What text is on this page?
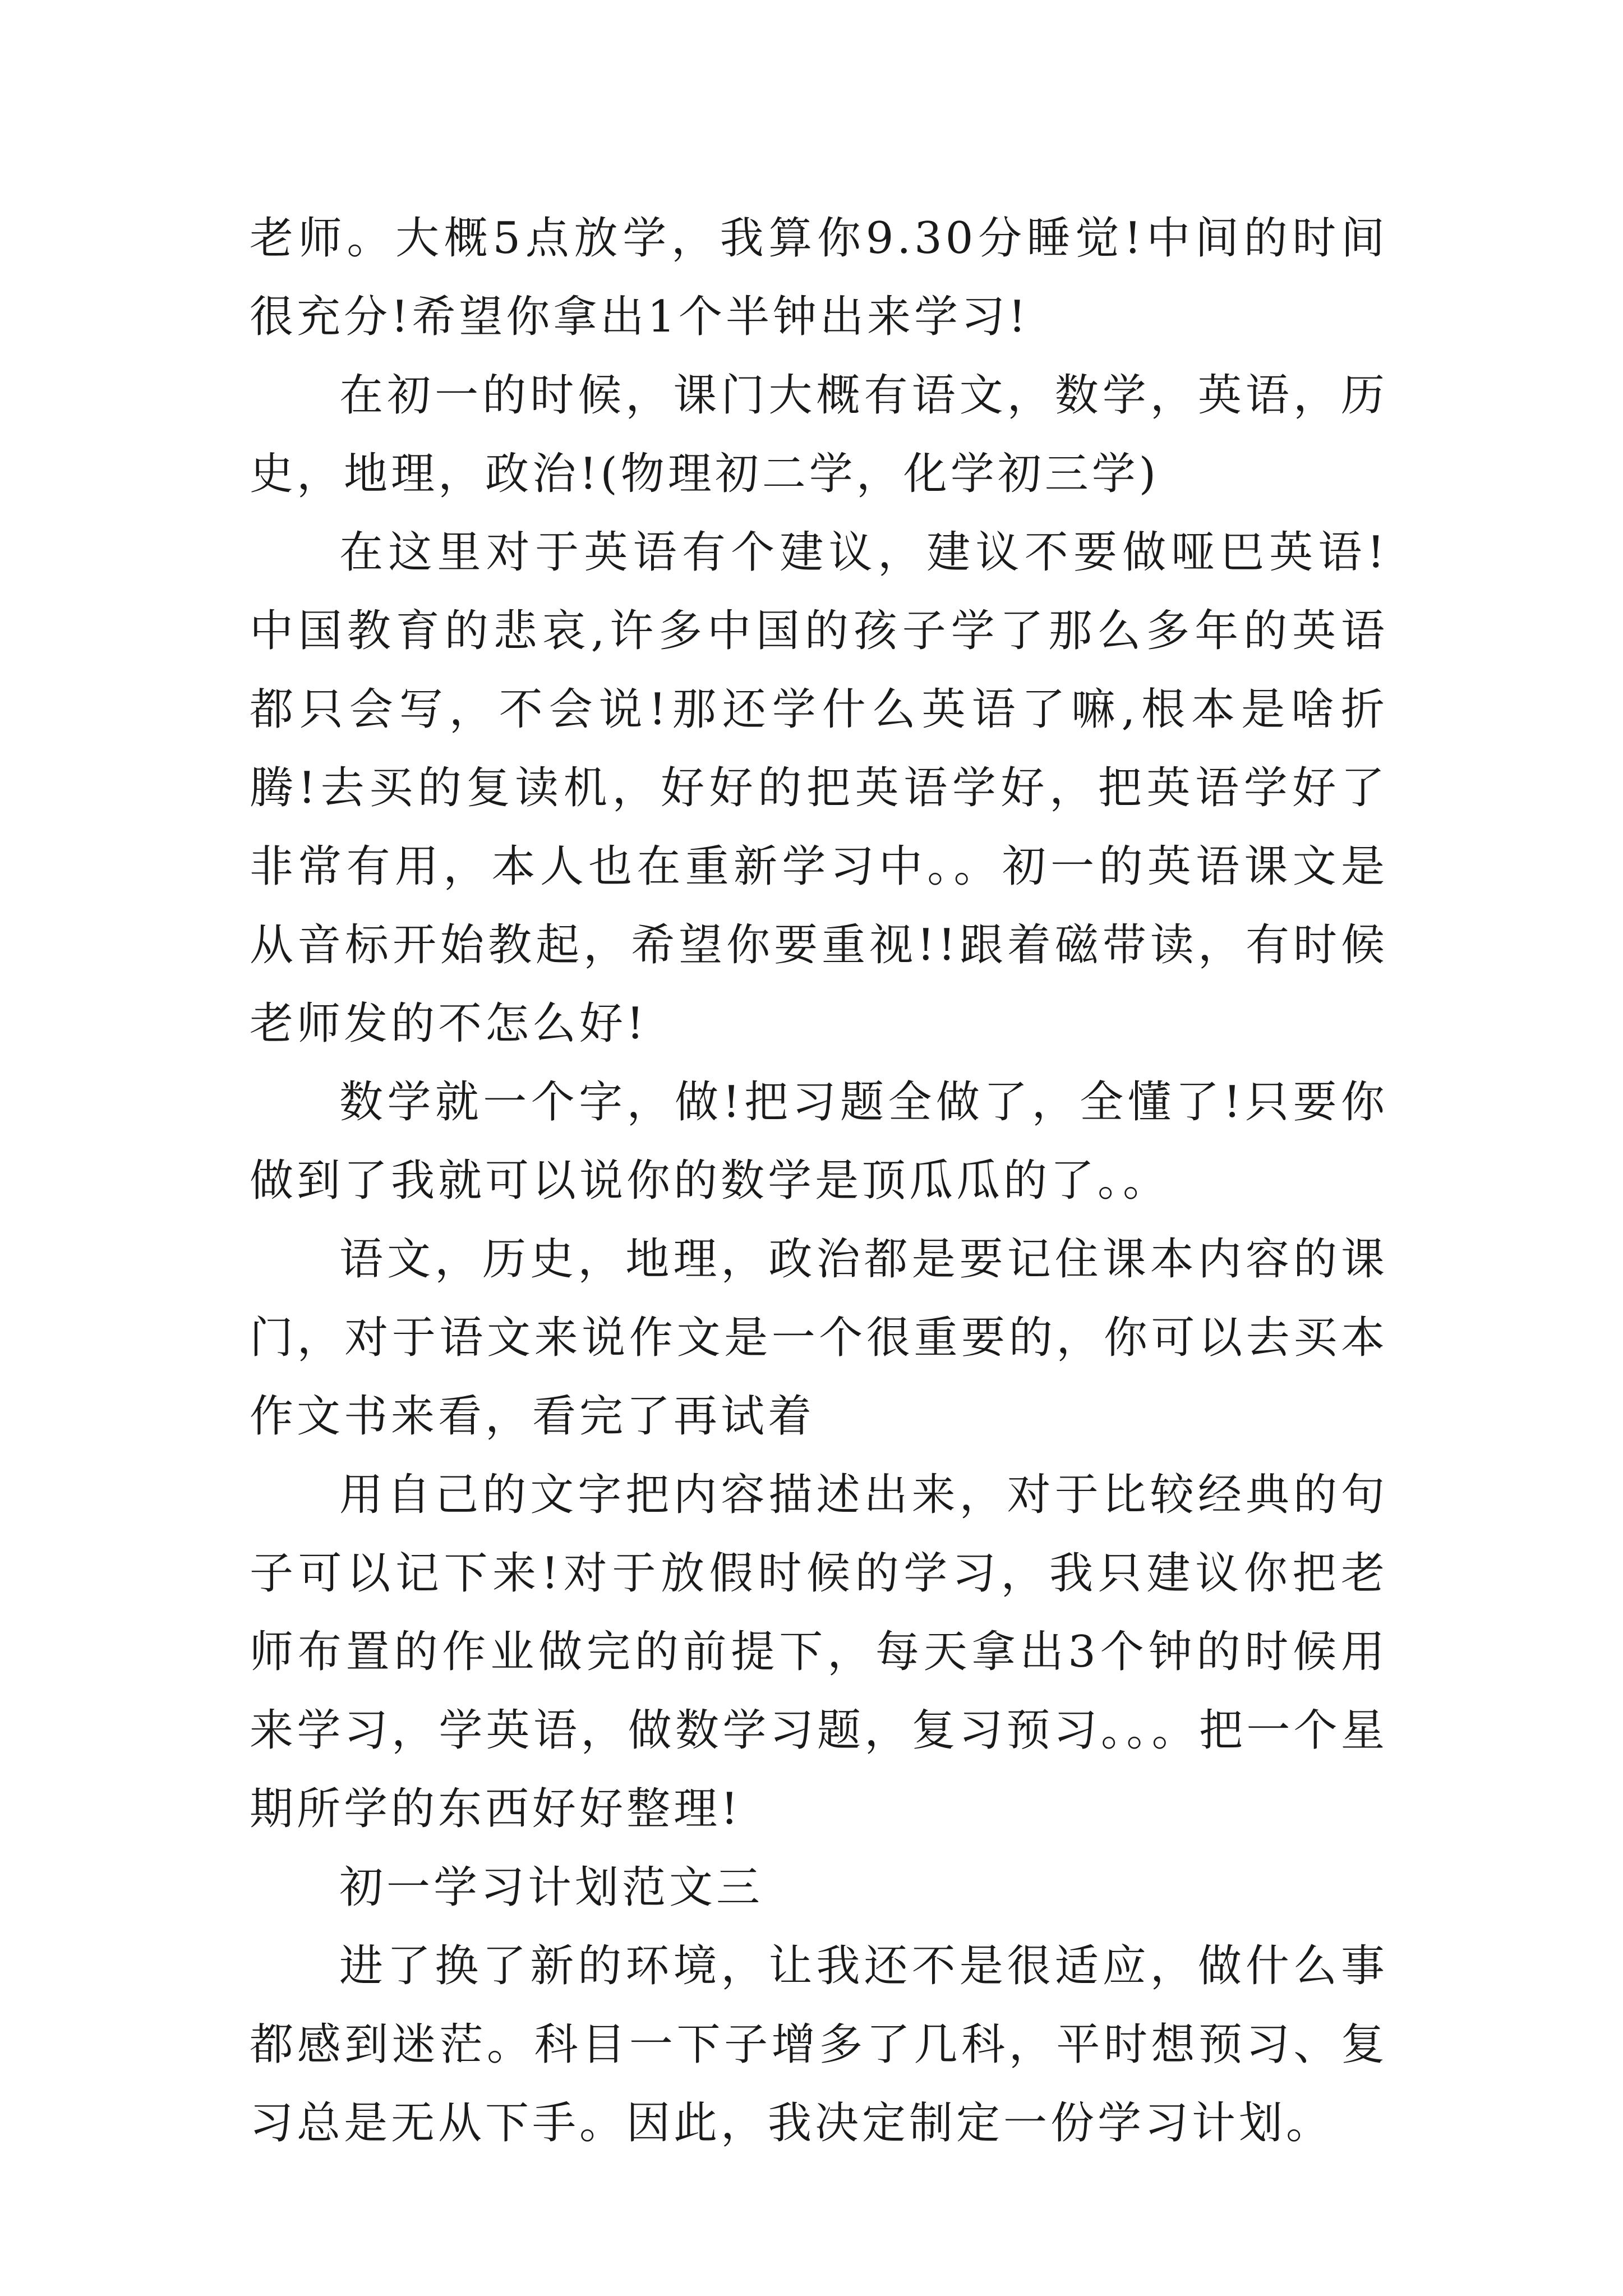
老师。大概5点放学，我算你9.30分睡觉!中间的时间很充分!希望你拿出1个半钟出来学习!

在初一的时候，课门大概有语文，数学，英语，历史，地理，政治!(物理初二学，化学初三学)

在这里对于英语有个建议，建议不要做哑巴英语!中国教育的悲哀,许多中国的孩子学了那么多年的英语都只会写，不会说!那还学什么英语了嘛,根本是啥折腾!去买的复读机，好好的把英语学好，把英语学好了非常有用，本人也在重新学习中。。初一的英语课文是从音标开始教起，希望你要重视!!跟着磁带读，有时候老师发的不怎么好!

数学就一个字，做!把习题全做了，全懂了!只要你做到了我就可以说你的数学是顶瓜瓜的了。。

语文，历史，地理，政治都是要记住课本内容的课门，对于语文来说作文是一个很重要的，你可以去买本作文书来看，看完了再试着

用自己的文字把内容描述出来，对于比较经典的句子可以记下来!对于放假时候的学习，我只建议你把老师布置的作业做完的前提下，每天拿出3个钟的时候用来学习，学英语，做数学习题，复习预习。。。把一个星期所学的东西好好整理!

初一学习计划范文三

进了换了新的环境，让我还不是很适应，做什么事都感到迷茫。科目一下子增多了几科，平时想预习、复习总是无从下手。因此，我决定制定一份学习计划。
